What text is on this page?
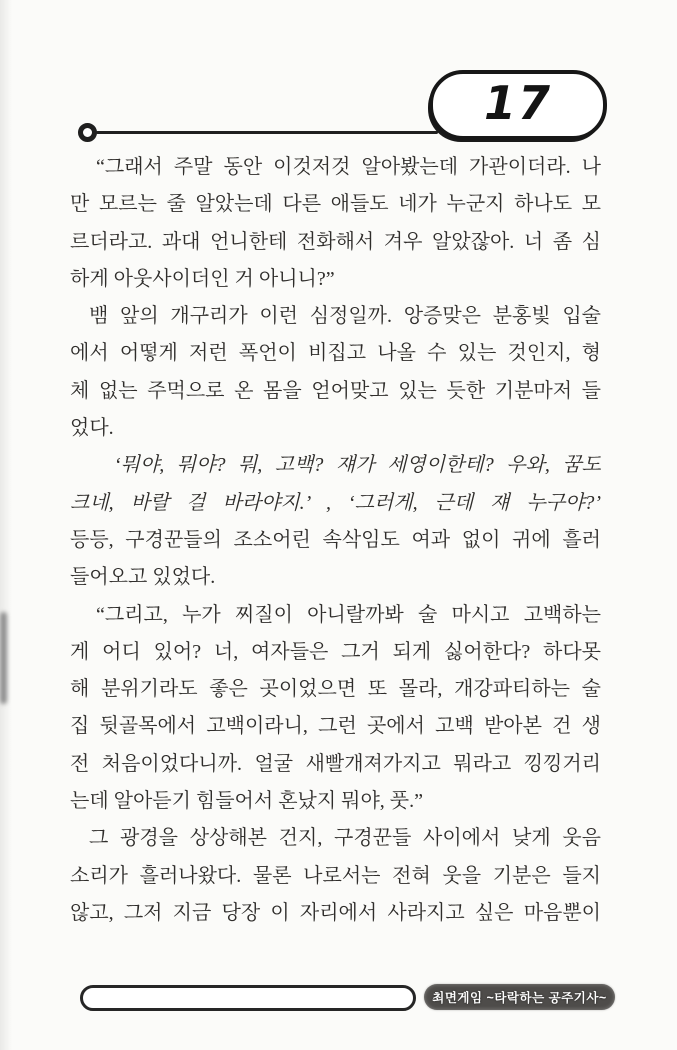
17
“그래서 주말 동안 이것저것 알아봤는데 가관이더라. 나
만 모르는 줄 알았는데 다른 애들도 네가 누군지 하나도 모
르더라고. 과대 언니한테 전화해서 겨우 알았잖아. 너 좀 심
하게 아웃사이더인 거 아니니?”
뱀 앞의 개구리가 이런 심정일까. 앙증맞은 분홍빛 입술
에서 어떻게 저런 폭언이 비집고 나올 수 있는 것인지, 형
체 없는 주먹으로 온 몸을 얻어맞고 있는 듯한 기분마저 들
었다.
‘뭐야, 뭐야? 뭐, 고백? 쟤가 세영이한테? 우와, 꿈도
크네, 바랄 걸 바라야지.’ , ‘그러게, 근데 쟤 누구야?’
등등, 구경꾼들의 조소어린 속삭임도 여과 없이 귀에 흘러
들어오고 있었다.
“그리고, 누가 찌질이 아니랄까봐 술 마시고 고백하는
게 어디 있어? 너, 여자들은 그거 되게 싫어한다? 하다못
해 분위기라도 좋은 곳이었으면 또 몰라, 개강파티하는 술
집 뒷골목에서 고백이라니, 그런 곳에서 고백 받아본 건 생
전 처음이었다니까. 얼굴 새빨개져가지고 뭐라고 낑낑거리
는데 알아듣기 힘들어서 혼났지 뭐야, 풋.”
그 광경을 상상해본 건지, 구경꾼들 사이에서 낮게 웃음
소리가 흘러나왔다. 물론 나로서는 전혀 웃을 기분은 들지
않고, 그저 지금 당장 이 자리에서 사라지고 싶은 마음뿐이
최면게임 ~타락하는 공주기사~
